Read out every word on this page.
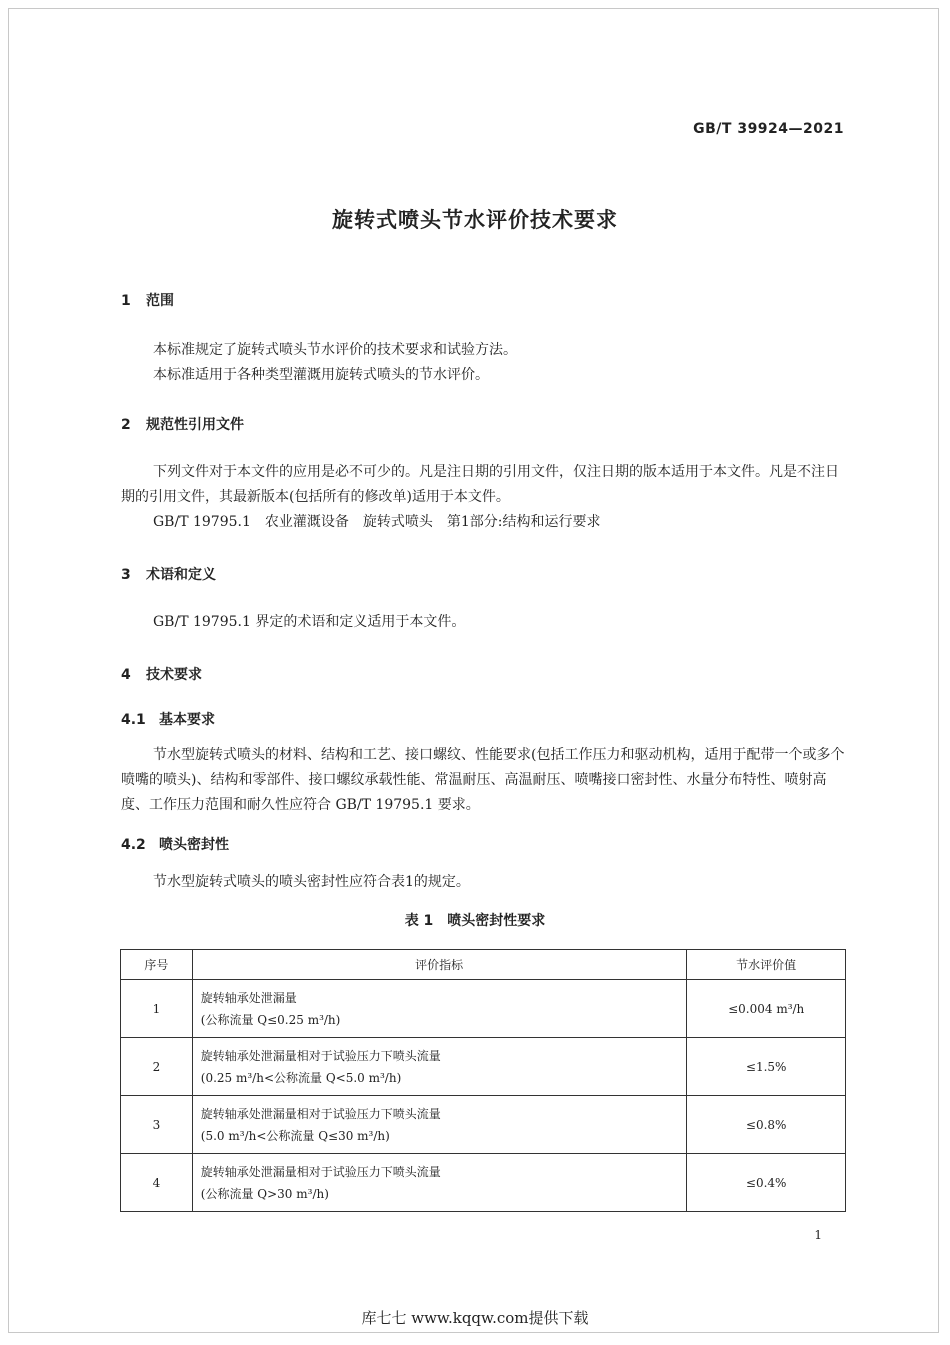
GB/T 39924—2021
旋转式喷头节水评价技术要求
1 范围
本标准规定了旋转式喷头节水评价的技术要求和试验方法。
本标准适用于各种类型灌溉用旋转式喷头的节水评价。
2 规范性引用文件
下列文件对于本文件的应用是必不可少的。凡是注日期的引用文件，仅注日期的版本适用于本文件。凡是不注日期的引用文件，其最新版本(包括所有的修改单)适用于本文件。
GB/T 19795.1　农业灌溉设备　旋转式喷头　第1部分:结构和运行要求
3 术语和定义
GB/T 19795.1 界定的术语和定义适用于本文件。
4 技术要求
4.1 基本要求
节水型旋转式喷头的材料、结构和工艺、接口螺纹、性能要求(包括工作压力和驱动机构，适用于配带一个或多个喷嘴的喷头)、结构和零部件、接口螺纹承载性能、常温耐压、高温耐压、喷嘴接口密封性、水量分布特性、喷射高度、工作压力范围和耐久性应符合 GB/T 19795.1 要求。
4.2 喷头密封性
节水型旋转式喷头的喷头密封性应符合表1的规定。
表 1　喷头密封性要求
序号	评价指标	节水评价值
1	旋转轴承处泄漏量
(公称流量 Q≤0.25 m³/h)	≤0.004 m³/h
2	旋转轴承处泄漏量相对于试验压力下喷头流量
(0.25 m³/h<公称流量 Q<5.0 m³/h)	≤1.5%
3	旋转轴承处泄漏量相对于试验压力下喷头流量
(5.0 m³/h<公称流量 Q≤30 m³/h)	≤0.8%
4	旋转轴承处泄漏量相对于试验压力下喷头流量
(公称流量 Q>30 m³/h)	≤0.4%
1
库七七 www.kqqw.com提供下载
